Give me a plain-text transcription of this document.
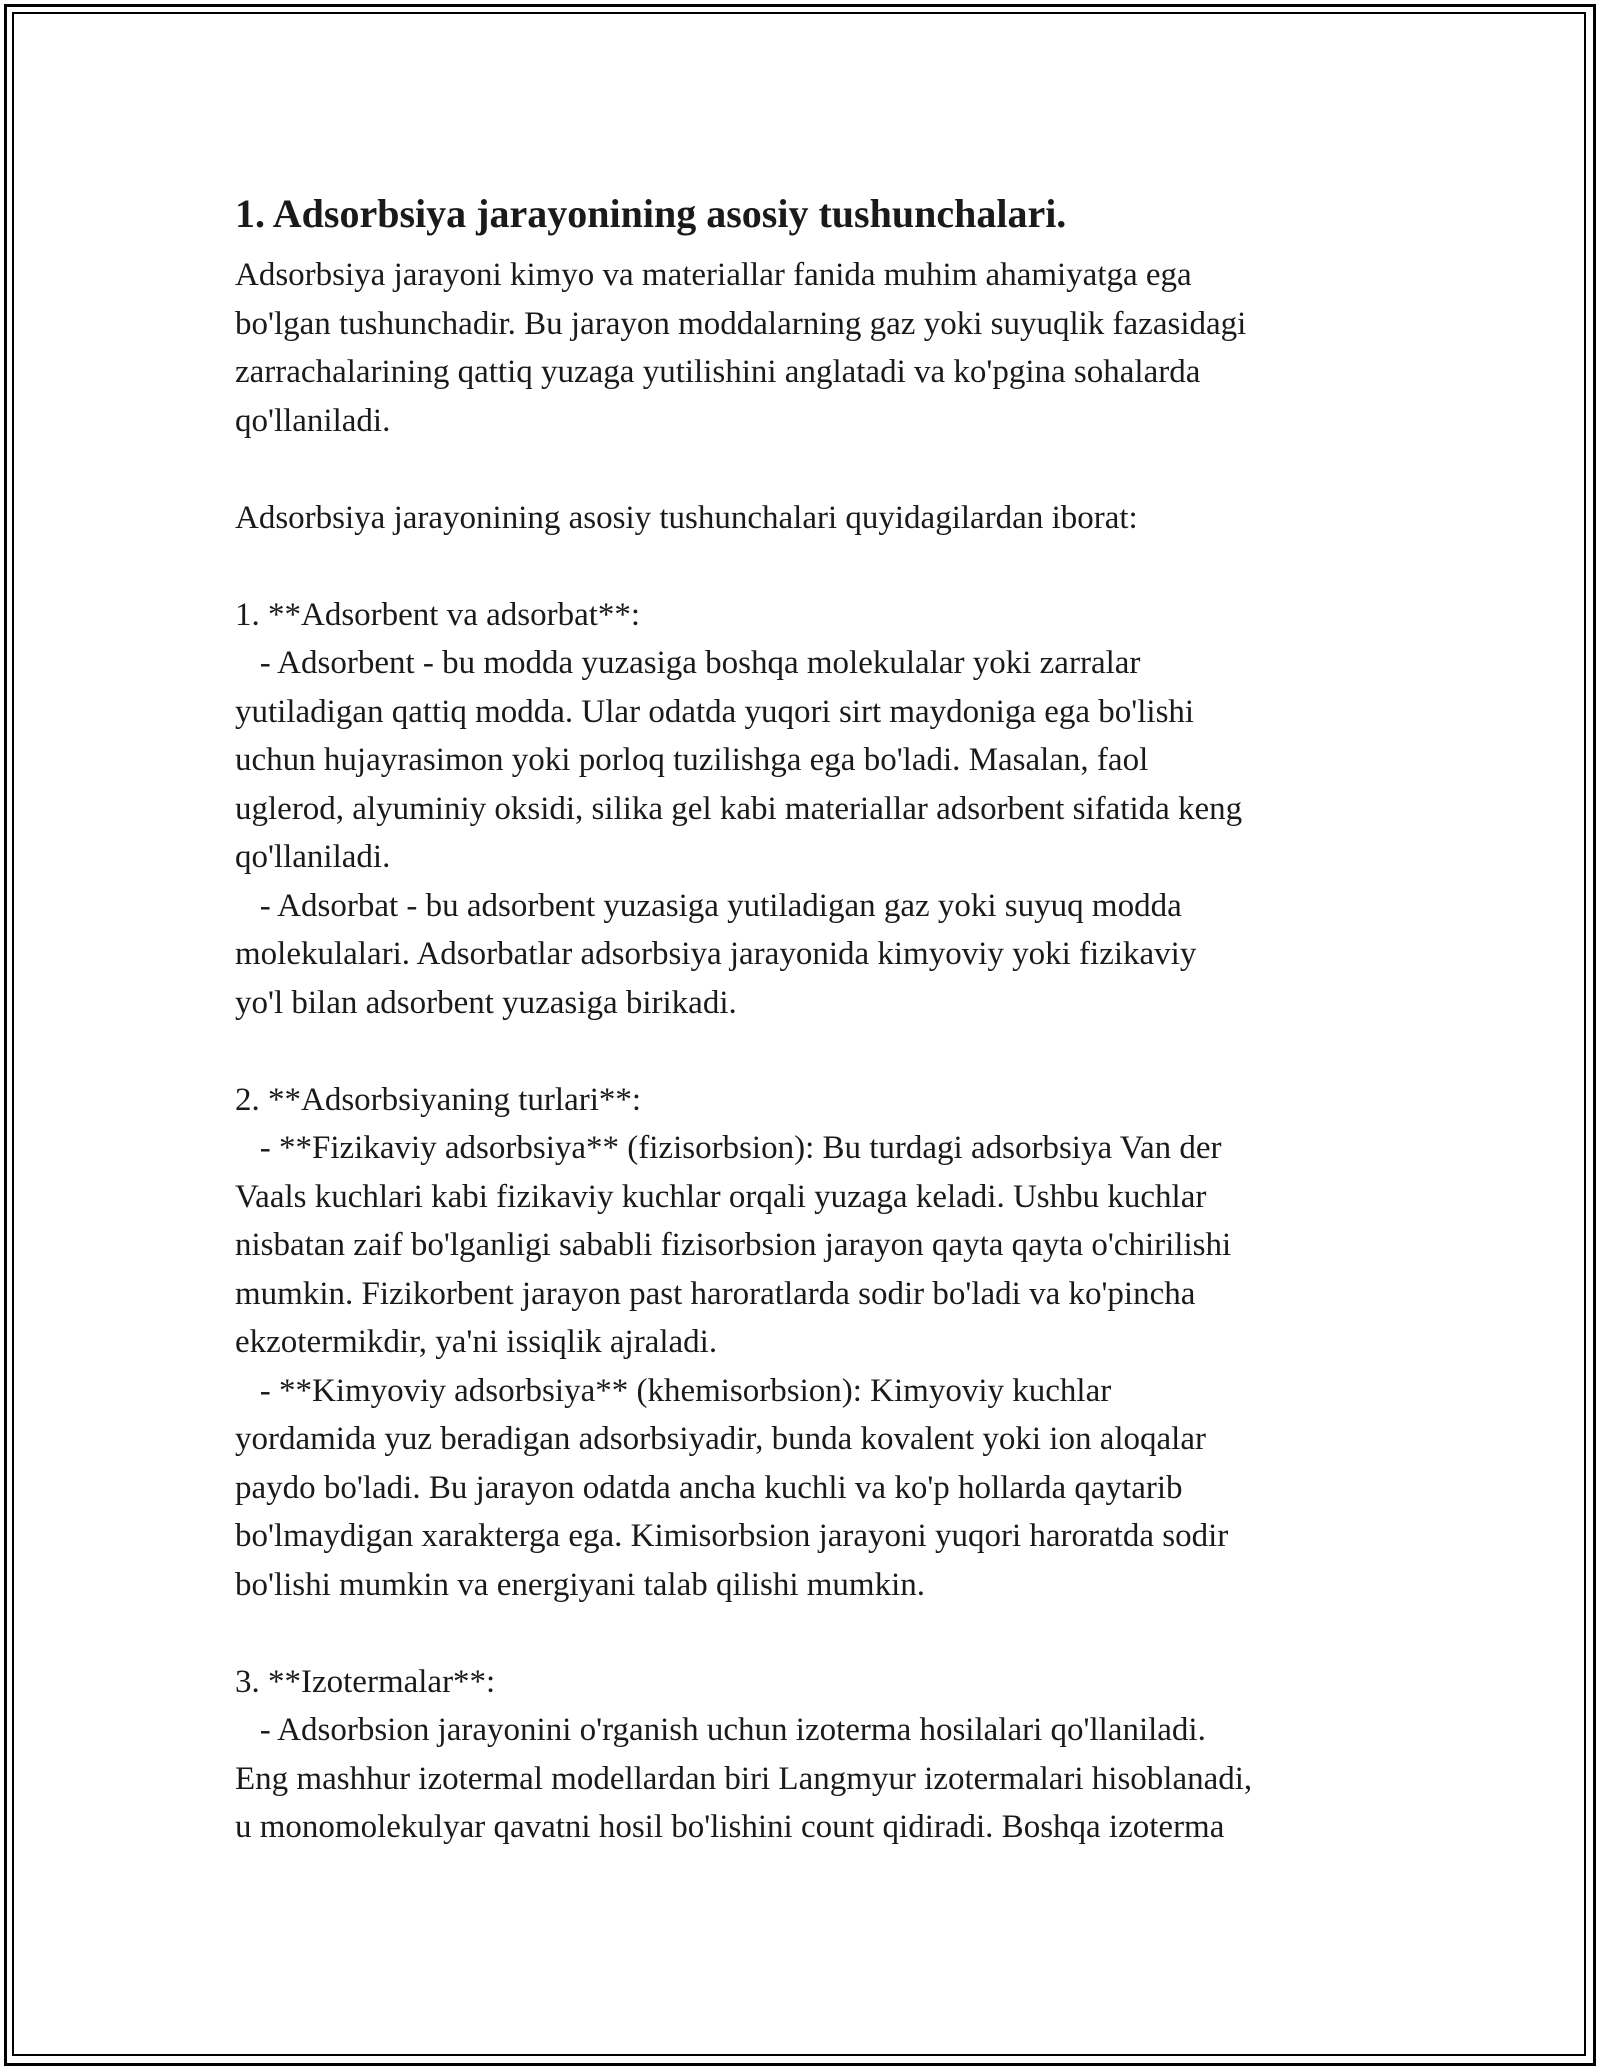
1. Adsorbsiya jarayonining asosiy tushunchalari.
Adsorbsiya jarayoni kimyo va materiallar fanida muhim ahamiyatga ega
bo'lgan tushunchadir. Bu jarayon moddalarning gaz yoki suyuqlik fazasidagi
zarrachalarining qattiq yuzaga yutilishini anglatadi va ko'pgina sohalarda
qo'llaniladi.
Adsorbsiya jarayonining asosiy tushunchalari quyidagilardan iborat:
1. **Adsorbent va adsorbat**:
- Adsorbent - bu modda yuzasiga boshqa molekulalar yoki zarralar
yutiladigan qattiq modda. Ular odatda yuqori sirt maydoniga ega bo'lishi
uchun hujayrasimon yoki porloq tuzilishga ega bo'ladi. Masalan, faol
uglerod, alyuminiy oksidi, silika gel kabi materiallar adsorbent sifatida keng
qo'llaniladi.
- Adsorbat - bu adsorbent yuzasiga yutiladigan gaz yoki suyuq modda
molekulalari. Adsorbatlar adsorbsiya jarayonida kimyoviy yoki fizikaviy
yo'l bilan adsorbent yuzasiga birikadi.
2. **Adsorbsiyaning turlari**:
- **Fizikaviy adsorbsiya** (fizisorbsion): Bu turdagi adsorbsiya Van der
Vaals kuchlari kabi fizikaviy kuchlar orqali yuzaga keladi. Ushbu kuchlar
nisbatan zaif bo'lganligi sababli fizisorbsion jarayon qayta qayta o'chirilishi
mumkin. Fizikorbent jarayon past haroratlarda sodir bo'ladi va ko'pincha
ekzotermikdir, ya'ni issiqlik ajraladi.
- **Kimyoviy adsorbsiya** (khemisorbsion): Kimyoviy kuchlar
yordamida yuz beradigan adsorbsiyadir, bunda kovalent yoki ion aloqalar
paydo bo'ladi. Bu jarayon odatda ancha kuchli va ko'p hollarda qaytarib
bo'lmaydigan xarakterga ega. Kimisorbsion jarayoni yuqori haroratda sodir
bo'lishi mumkin va energiyani talab qilishi mumkin.
3. **Izotermalar**:
- Adsorbsion jarayonini o'rganish uchun izoterma hosilalari qo'llaniladi.
Eng mashhur izotermal modellardan biri Langmyur izotermalari hisoblanadi,
u monomolekulyar qavatni hosil bo'lishini count qidiradi. Boshqa izoterma
